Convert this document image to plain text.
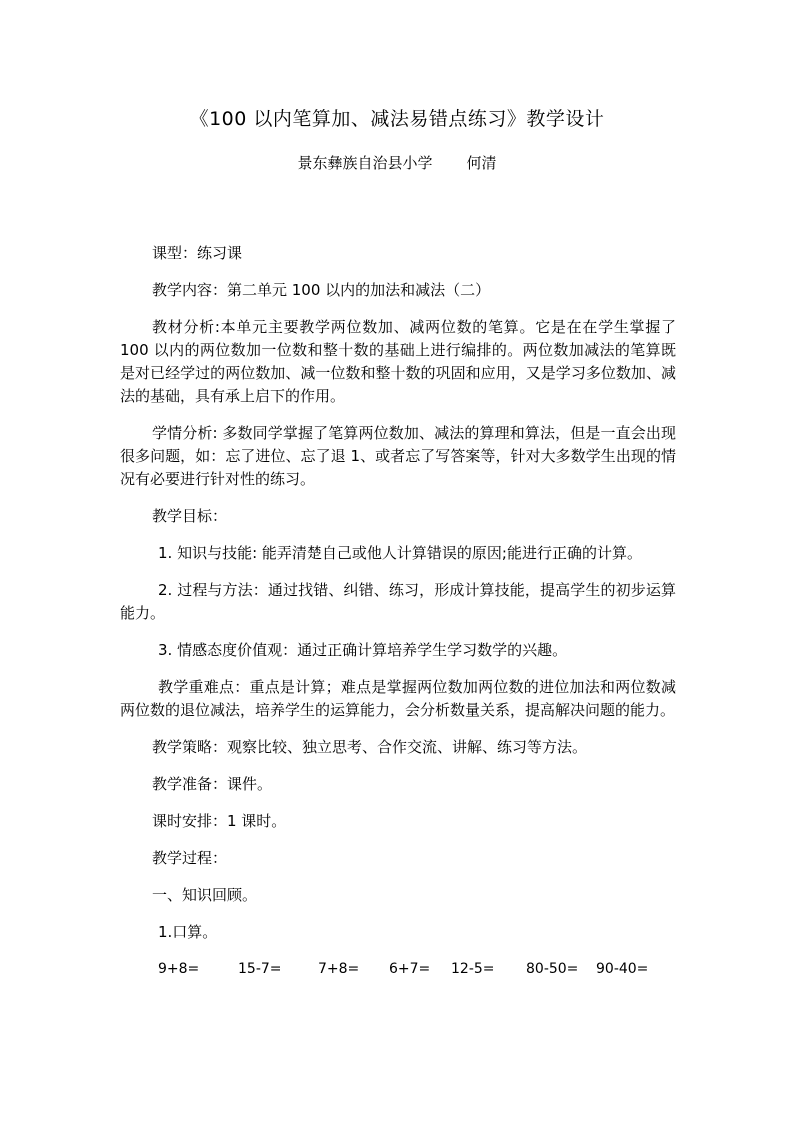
《100 以内笔算加、减法易错点练习》教学设计
景东彝族自治县小学 何清

课型：练习课

教学内容：第二单元 100 以内的加法和减法（二）

教材分析:本单元主要教学两位数加、减两位数的笔算。它是在在学生掌握了 100 以内的两位数加一位数和整十数的基础上进行编排的。两位数加减法的笔算既是对已经学过的两位数加、减一位数和整十数的巩固和应用，又是学习多位数加、减法的基础，具有承上启下的作用。

学情分析: 多数同学掌握了笔算两位数加、减法的算理和算法，但是一直会出现很多问题，如：忘了进位、忘了退 1、或者忘了写答案等，针对大多数学生出现的情况有必要进行针对性的练习。

教学目标：

1. 知识与技能: 能弄清楚自己或他人计算错误的原因;能进行正确的计算。

2. 过程与方法：通过找错、纠错、练习，形成计算技能，提高学生的初步运算能力。

3. 情感态度价值观：通过正确计算培养学生学习数学的兴趣。

教学重难点：重点是计算；难点是掌握两位数加两位数的进位加法和两位数减两位数的退位减法，培养学生的运算能力，会分析数量关系，提高解决问题的能力。

教学策略：观察比较、独立思考、合作交流、讲解、练习等方法。

教学准备：课件。

课时安排：1 课时。

教学过程：

一、知识回顾。

1.口算。

9+8=	15-7=	7+8=	6+7=	12-5=	80-50=	90-40=
